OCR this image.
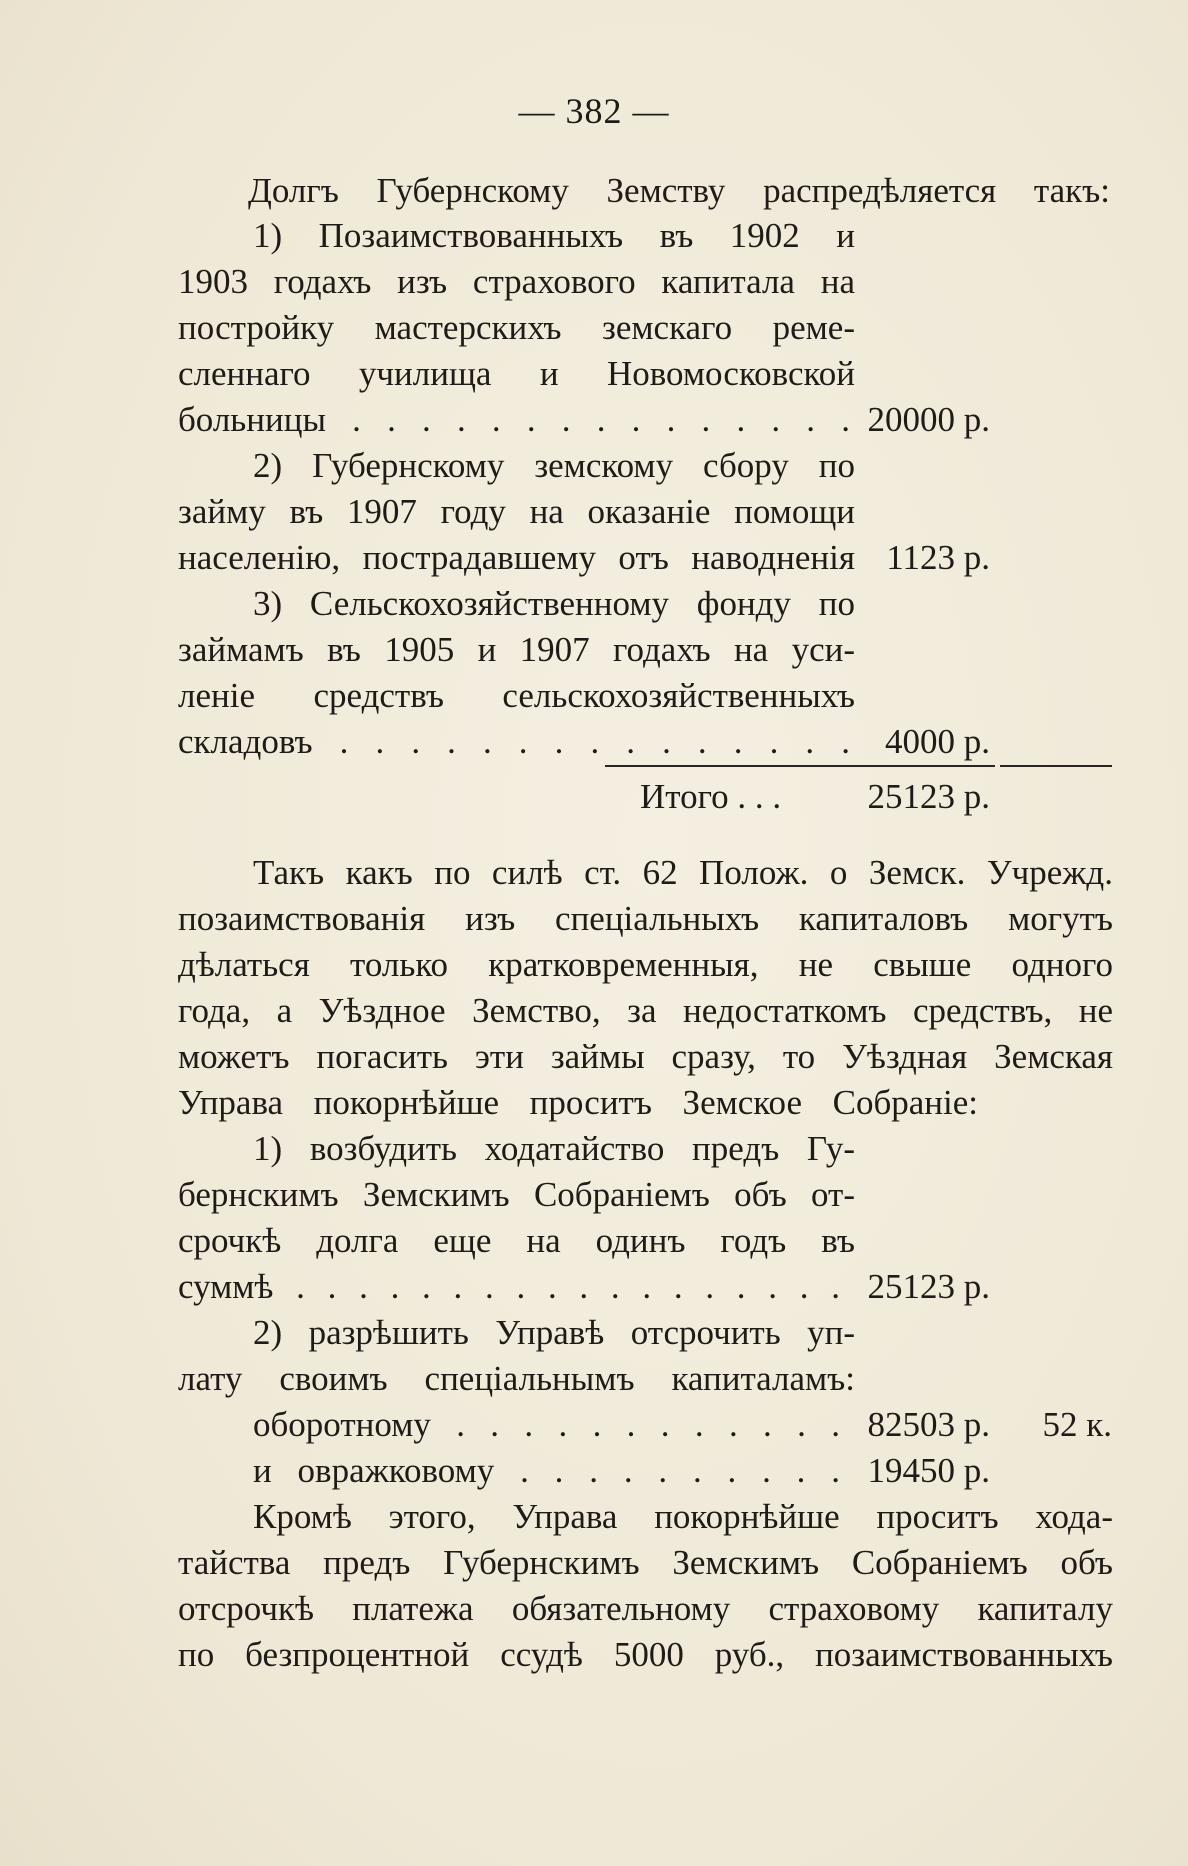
— 382 —
Долгъ Губернскому Земству распредѣляется такъ:
1) Позаимствованныхъ въ 1902 и
1903 годахъ изъ страхового капитала на
постройку мастерскихъ земскаго реме-
сленнаго училища и Новомосковской
больницы . . . . . . . . . . . . . . . 20000 р.
2) Губернскому земскому сбору по
займу въ 1907 году на оказаніе помощи
населенію, пострадавшему отъ наводненія 1123 р.
3) Сельскохозяйственному фонду по
займамъ въ 1905 и 1907 годахъ на уси-
леніе средствъ сельскохозяйственныхъ
складовъ . . . . . . . . . . . . . . .	4000 р.
Итого . . .	25123 р.
Такъ какъ по силѣ ст. 62 Полож. о Земск. Учрежд.
позаимствованія изъ спеціальныхъ капиталовъ могутъ
дѣлаться только кратковременныя, не свыше одного
года, а Уѣздное Земство, за недостаткомъ средствъ, не
можетъ погасить эти займы сразу, то Уѣздная Земская
Управа покорнѣйше проситъ Земское Собраніе:
1) возбудить ходатайство предъ Гу-
бернскимъ Земскимъ Собраніемъ объ от-
срочкѣ долга еще на одинъ годъ въ
суммѣ . . . . . . . . . . . . . . . . . . 25123 р.
2) разрѣшить Управѣ отсрочить уп-
лату своимъ спеціальнымъ капиталамъ:
оборотному . . . . . . . . . . . . 82503 р.	52 к.
и овражковому . . . . . . . . . . 19450 р.
Кромѣ этого, Управа покорнѣйше проситъ хода-
тайства предъ Губернскимъ Земскимъ Собраніемъ объ
отсрочкѣ платежа обязательному страховому капиталу
по безпроцентной ссудѣ 5000 руб., позаимствованныхъ
